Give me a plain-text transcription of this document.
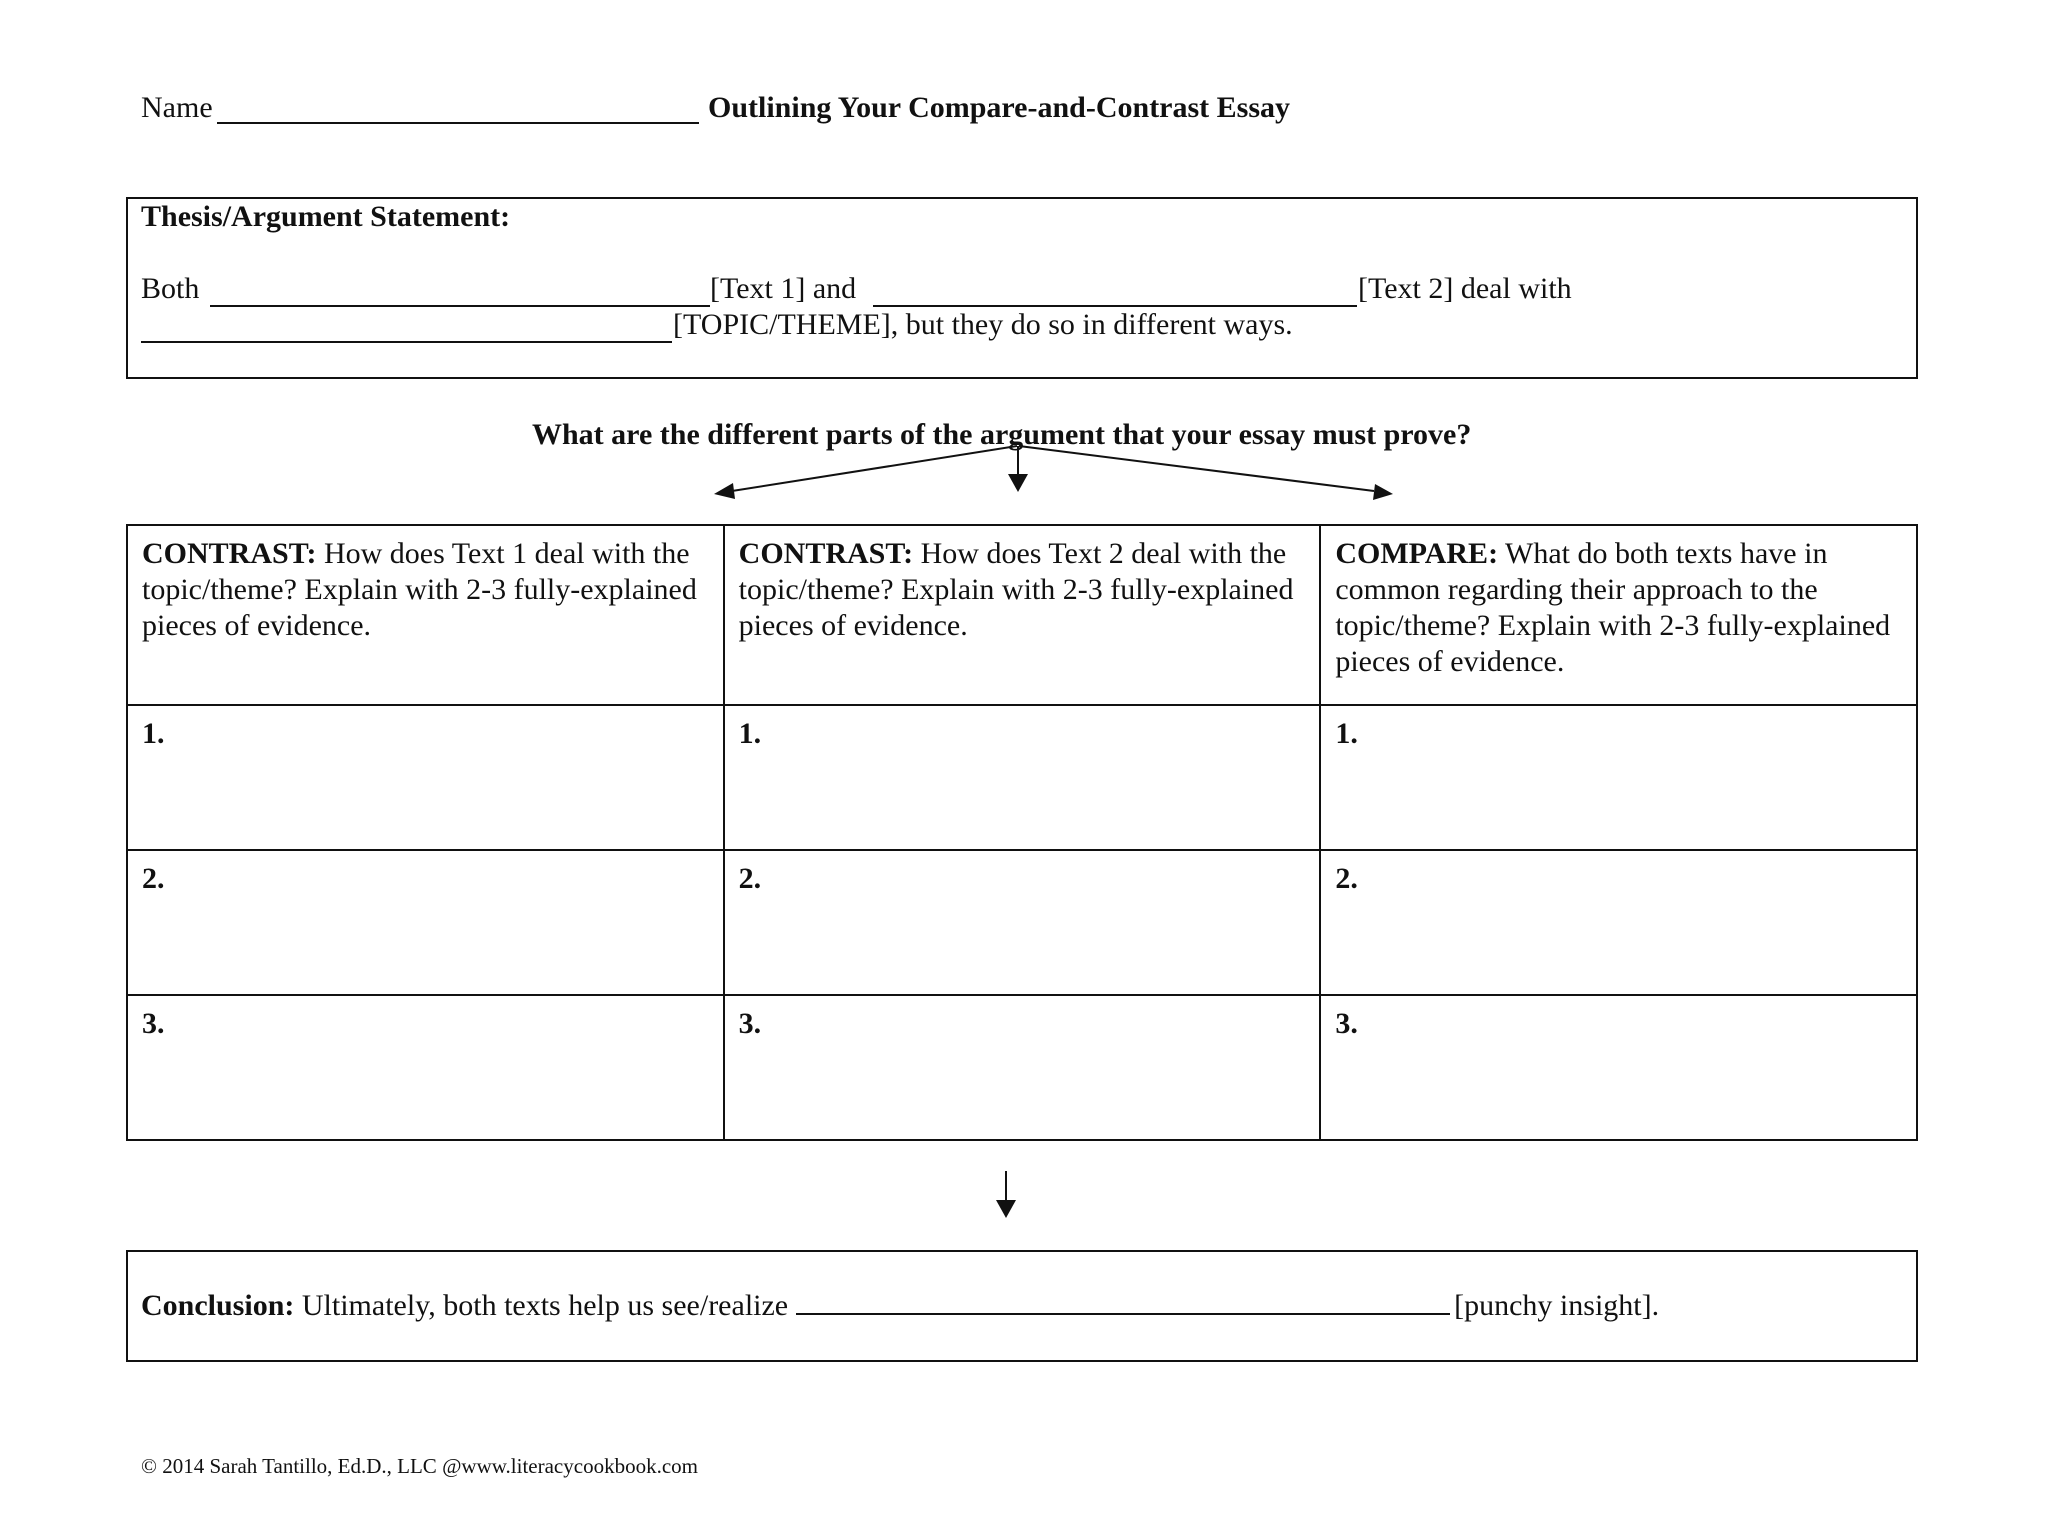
Name	Outlining Your Compare-and-Contrast Essay
Thesis/Argument Statement:
Both	[Text 1] and	[Text 2] deal with
[TOPIC/THEME], but they do so in different ways.
What are the different parts of the argument that your essay must prove?
CONTRAST: How does Text 1 deal with the topic/theme? Explain with 2-3 fully-explained pieces of evidence.	CONTRAST: How does Text 2 deal with the topic/theme? Explain with 2-3 fully-explained pieces of evidence.	COMPARE: What do both texts have in common regarding their approach to the topic/theme? Explain with 2-3 fully-explained pieces of evidence.
1.	1.	1.
2.	2.	2.
3.	3.	3.
Conclusion: Ultimately, both texts help us see/realize	[punchy insight].
© 2014 Sarah Tantillo, Ed.D., LLC @www.literacycookbook.com
